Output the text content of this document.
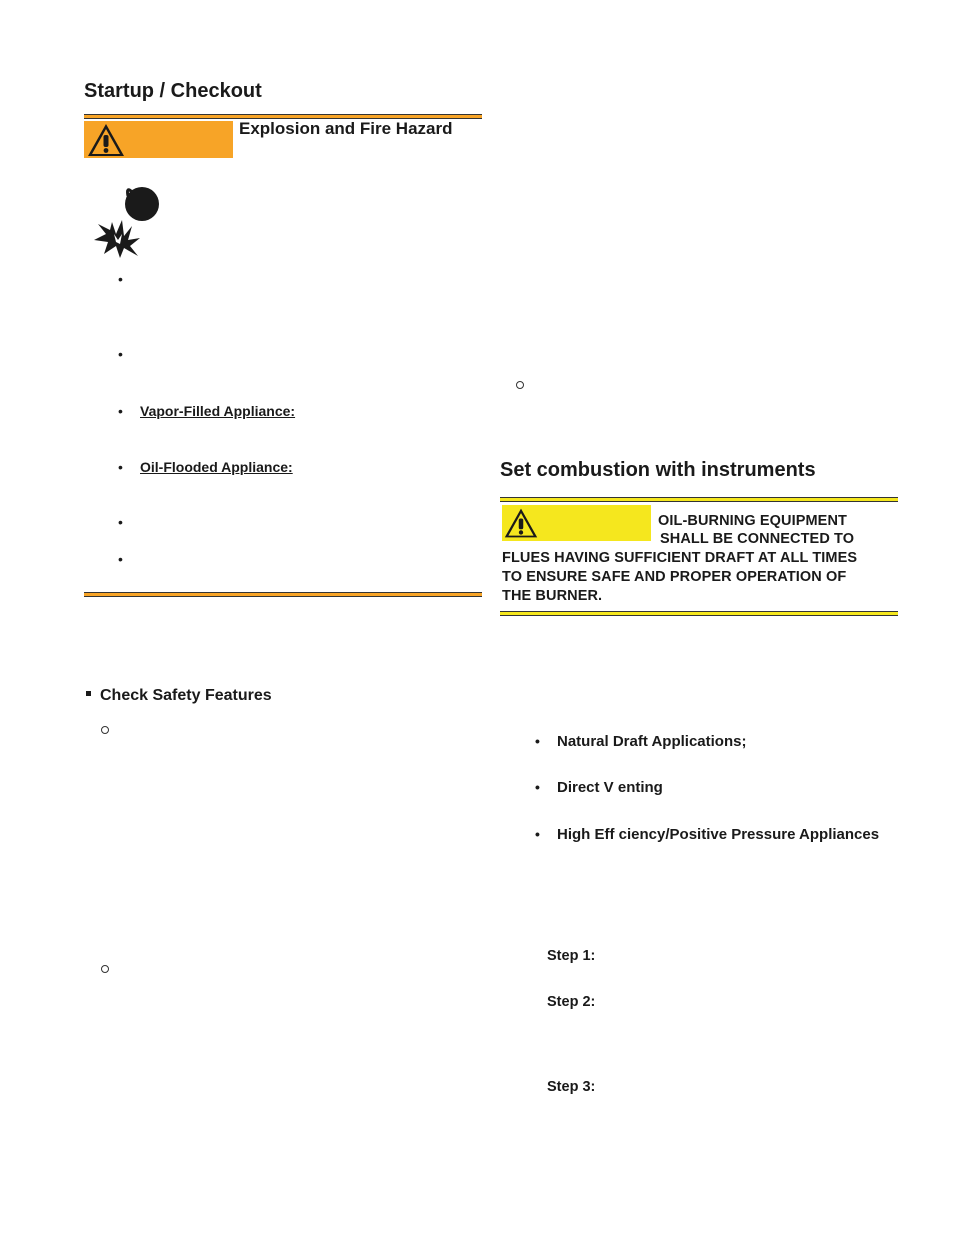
Startup / Checkout
Explosion and Fire Hazard
•
•
• Vapor-Filled Appliance:
• Oil-Flooded Appliance:
•
•
Check Safety Features
Set combustion with instruments
OIL-BURNING EQUIPMENT
SHALL BE CONNECTED TO
FLUES HAVING SUFFICIENT DRAFT AT ALL TIMES
TO ENSURE SAFE AND PROPER OPERATION OF
THE BURNER.
• Natural Draft Applications;
• Direct V enting
• High Eff ciency/Positive Pressure Appliances
Step 1:
Step 2:
Step 3:
